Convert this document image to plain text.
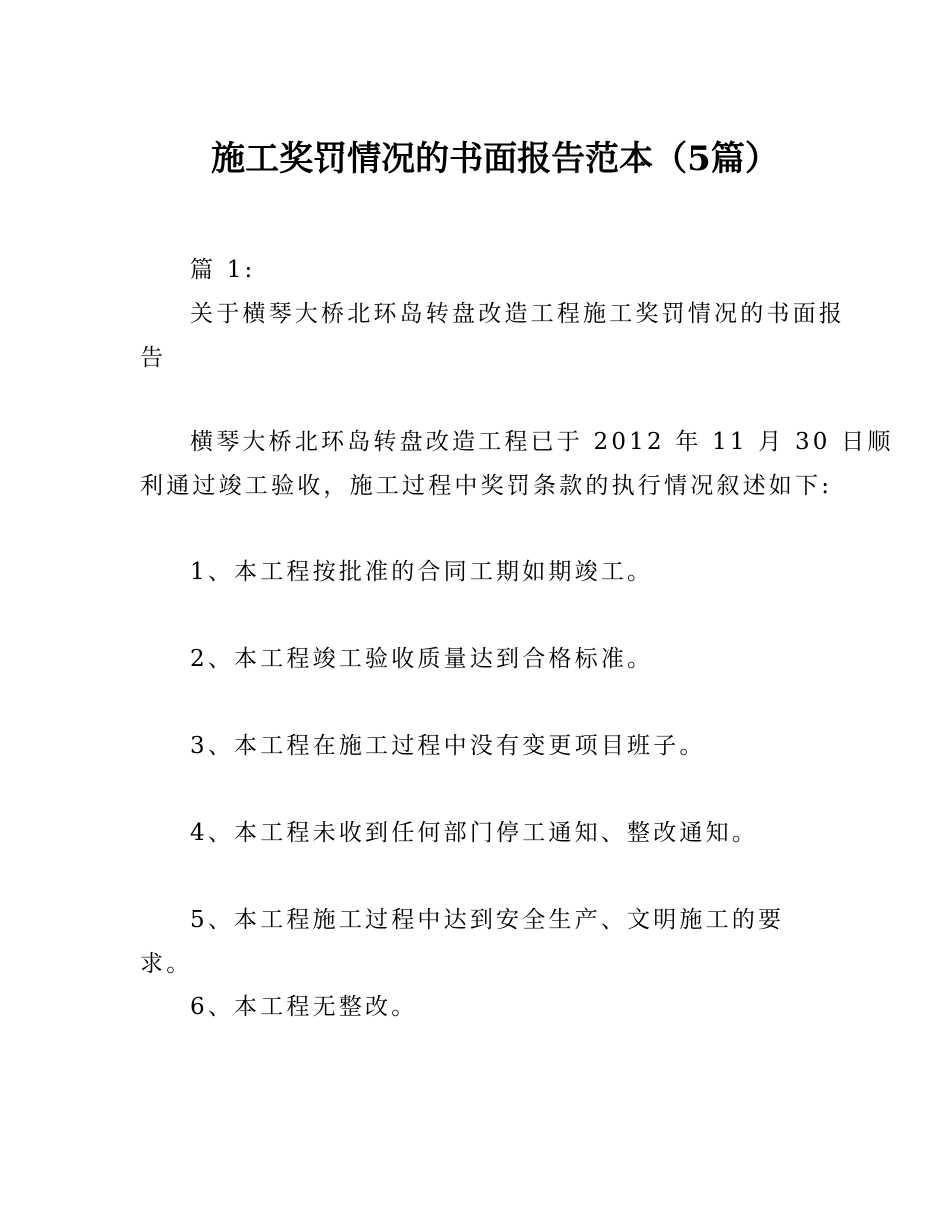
施工奖罚情况的书面报告范本（5篇）

篇 1:

关于横琴大桥北环岛转盘改造工程施工奖罚情况的书面报
告

横琴大桥北环岛转盘改造工程已于 2012 年 11 月 30 日顺
利通过竣工验收，施工过程中奖罚条款的执行情况叙述如下:

1、本工程按批准的合同工期如期竣工。

2、本工程竣工验收质量达到合格标准。

3、本工程在施工过程中没有变更项目班子。

4、本工程未收到任何部门停工通知、整改通知。

5、本工程施工过程中达到安全生产、文明施工的要求。

6、本工程无整改。
